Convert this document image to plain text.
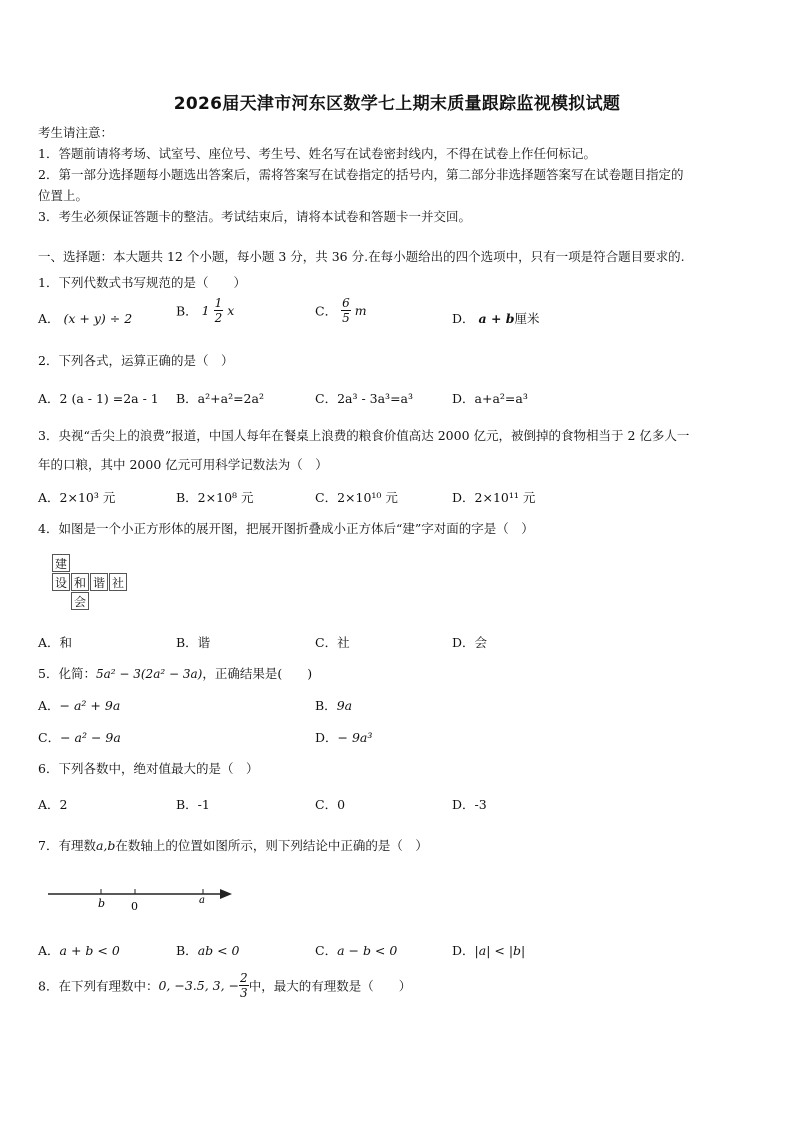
2026届天津市河东区数学七上期末质量跟踪监视模拟试题
考生请注意：
1．答题前请将考场、试室号、座位号、考生号、姓名写在试卷密封线内，不得在试卷上作任何标记。
2．第一部分选择题每小题选出答案后，需将答案写在试卷指定的括号内，第二部分非选择题答案写在试卷题目指定的
位置上。
3．考生必须保证答题卡的整洁。考试结束后，请将本试卷和答题卡一并交回。
一、选择题：本大题共 12 个小题，每小题 3 分，共 36 分.在每小题给出的四个选项中，只有一项是符合题目要求的.
1．下列代数式书写规范的是（　　）
A． (x + y) ÷ 2	B． $1 \frac{1}{2}$ x	C． $\frac{6}{5}$ m
D． a + b厘米
2．下列各式，运算正确的是（　）
A．2 (a - 1) =2a - 1 B．a²+a²=2a²	C．2a³ - 3a³=a³	D．a+a²=a³
3．央视“舌尖上的浪费”报道，中国人每年在餐桌上浪费的粮食价值高达 2000 亿元，被倒掉的食物相当于 2 亿多人一
年的口粮，其中 2000 亿元可用科学记数法为（　）
A．2×10³ 元	B．2×10⁸ 元	C．2×10¹⁰ 元	D．2×10¹¹ 元
4．如图是一个小正方形体的展开图，把展开图折叠成小正方体后“建”字对面的字是（　）
建
设 和 谐 社
会
A．和	B．谐	C．社	D．会
5．化简：5a² − 3(2a² − 3a)，正确结果是(　　)
A．− a² + 9a	B．9a
C．− a² − 9a	D．− 9a³
6．下列各数中，绝对值最大的是（　）
A．2	B．-1	C．0	D．-3
7．有理数a,b在数轴上的位置如图所示，则下列结论中正确的是（　）
b 0	a
A．a + b < 0	B．ab < 0	C．a − b < 0	D．|a| < |b|
8．在下列有理数中：0, −3.5, 3, − $\frac{2}{3}$ 中，最大的有理数是（　　）
